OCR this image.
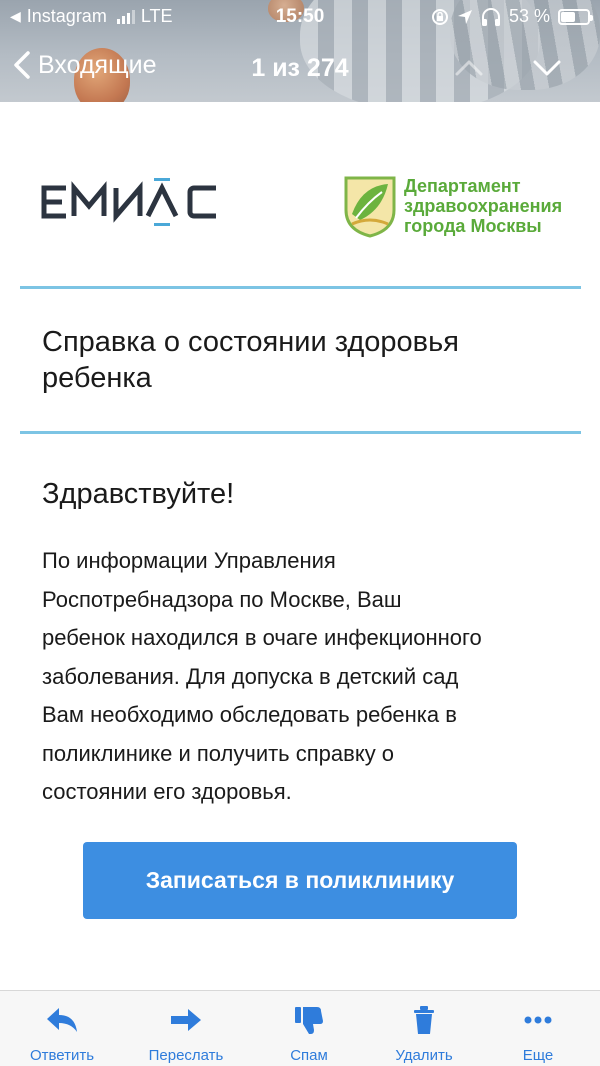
◀ Instagram LTE	15:50	53 %
Входящие	1 из 274
Департамент
здравоохранения
города Москвы
Справка о состоянии здоровья ребенка
Здравствуйте!
По информации Управления
Роспотребнадзора по Москве, Ваш
ребенок находился в очаге инфекционного
заболевания. Для допуска в детский сад
Вам необходимо обследовать ребенка в
поликлинике и получить справку о
состоянии его здоровья.
Записаться в поликлинику
Ответить	Переслать	Спам	Удалить	Еще
